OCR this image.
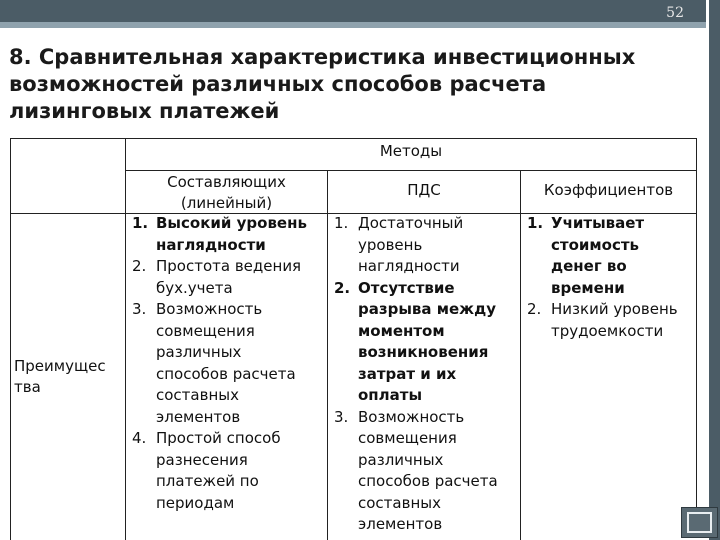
52
8. Сравнительная характеристика инвестиционных
возможностей различных способов расчета
лизинговых платежей
Методы
Составляющих
(линейный)
ПДС	Коэффициентов
Преимущес
тва
1. Высокий уровень
наглядности
2. Простота ведения
бух.учета
3. Возможность
совмещения
различных
способов расчета
составных
элементов
4. Простой способ
разнесения
платежей по
периодам
1. Достаточный
уровень
наглядности
2. Отсутствие
разрыва между
моментом
возникновения
затрат и их
оплаты
3. Возможность
совмещения
различных
способов расчета
составных
элементов
1. Учитывает
стоимость
денег во
времени
2. Низкий уровень
трудоемкости
